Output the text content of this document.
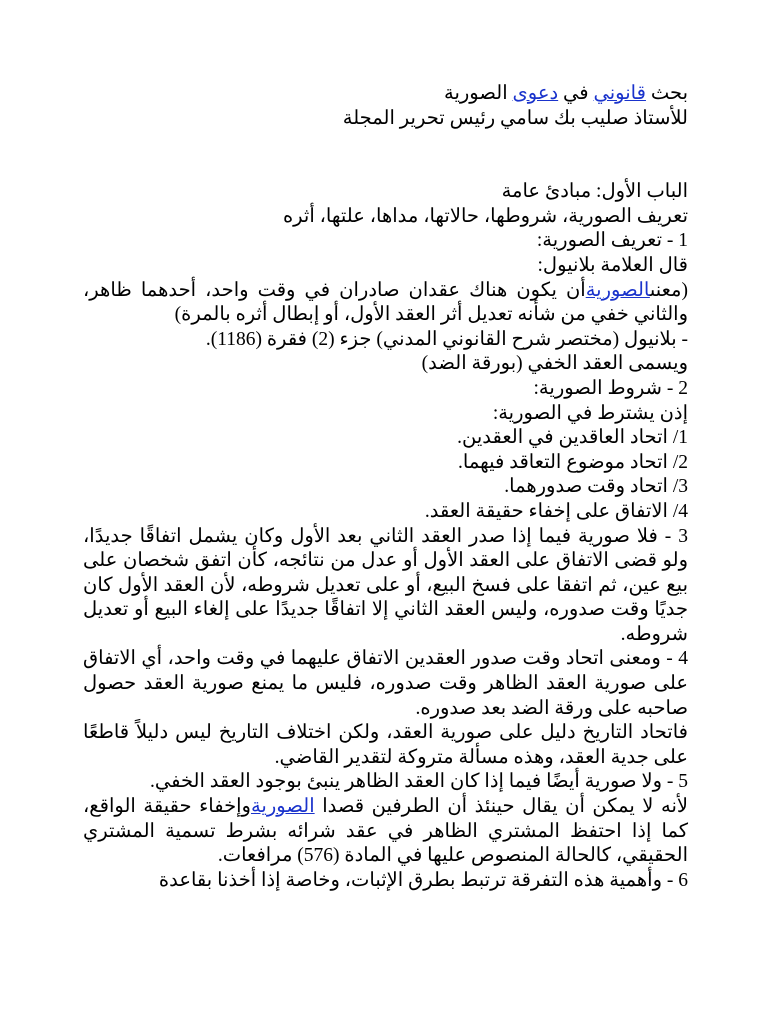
بحث قانوني في دعوى الصورية
للأستاذ صليب بك سامي رئيس تحرير المجلة
الباب الأول: مبادئ عامة
تعريف الصورية، شروطها، حالاتها، مداها، علتها، أثره
1 - تعريف الصورية:
قال العلامة بلانيول:
(معنىالصوريةأن يكون هناك عقدان صادران في وقت واحد، أحدهما ظاهر، والثاني خفي من شأنه تعديل أثر العقد الأول، أو إبطال أثره بالمرة)
- بلانيول (مختصر شرح القانوني المدني) جزء (2) فقرة (1186).
ويسمى العقد الخفي (بورقة الضد)
2 - شروط الصورية:
إذن يشترط في الصورية:
1/ اتحاد العاقدين في العقدين.
2/ اتحاد موضوع التعاقد فيهما.
3/ اتحاد وقت صدورهما.
4/ الاتفاق على إخفاء حقيقة العقد.
3 - فلا صورية فيما إذا صدر العقد الثاني بعد الأول وكان يشمل اتفاقًا جديدًا، ولو قضى الاتفاق على العقد الأول أو عدل من نتائجه، كأن اتفق شخصان على بيع عين، ثم اتفقا على فسخ البيع، أو على تعديل شروطه، لأن العقد الأول كان جديًا وقت صدوره، وليس العقد الثاني إلا اتفاقًا جديدًا على إلغاء البيع أو تعديل شروطه.
4 - ومعنى اتحاد وقت صدور العقدين الاتفاق عليهما في وقت واحد، أي الاتفاق على صورية العقد الظاهر وقت صدوره، فليس ما يمنع صورية العقد حصول صاحبه على ورقة الضد بعد صدوره.
فاتحاد التاريخ دليل على صورية العقد، ولكن اختلاف التاريخ ليس دليلاً قاطعًا على جدية العقد، وهذه مسألة متروكة لتقدير القاضي.
5 - ولا صورية أيضًا فيما إذا كان العقد الظاهر ينبئ بوجود العقد الخفي.
لأنه لا يمكن أن يقال حينئذ أن الطرفين قصدا الصوريةوإخفاء حقيقة الواقع، كما إذا احتفظ المشتري الظاهر في عقد شرائه بشرط تسمية المشتري الحقيقي، كالحالة المنصوص عليها في المادة (576) مرافعات.
6 - وأهمية هذه التفرقة ترتبط بطرق الإثبات، وخاصة إذا أخذنا بقاعدة
